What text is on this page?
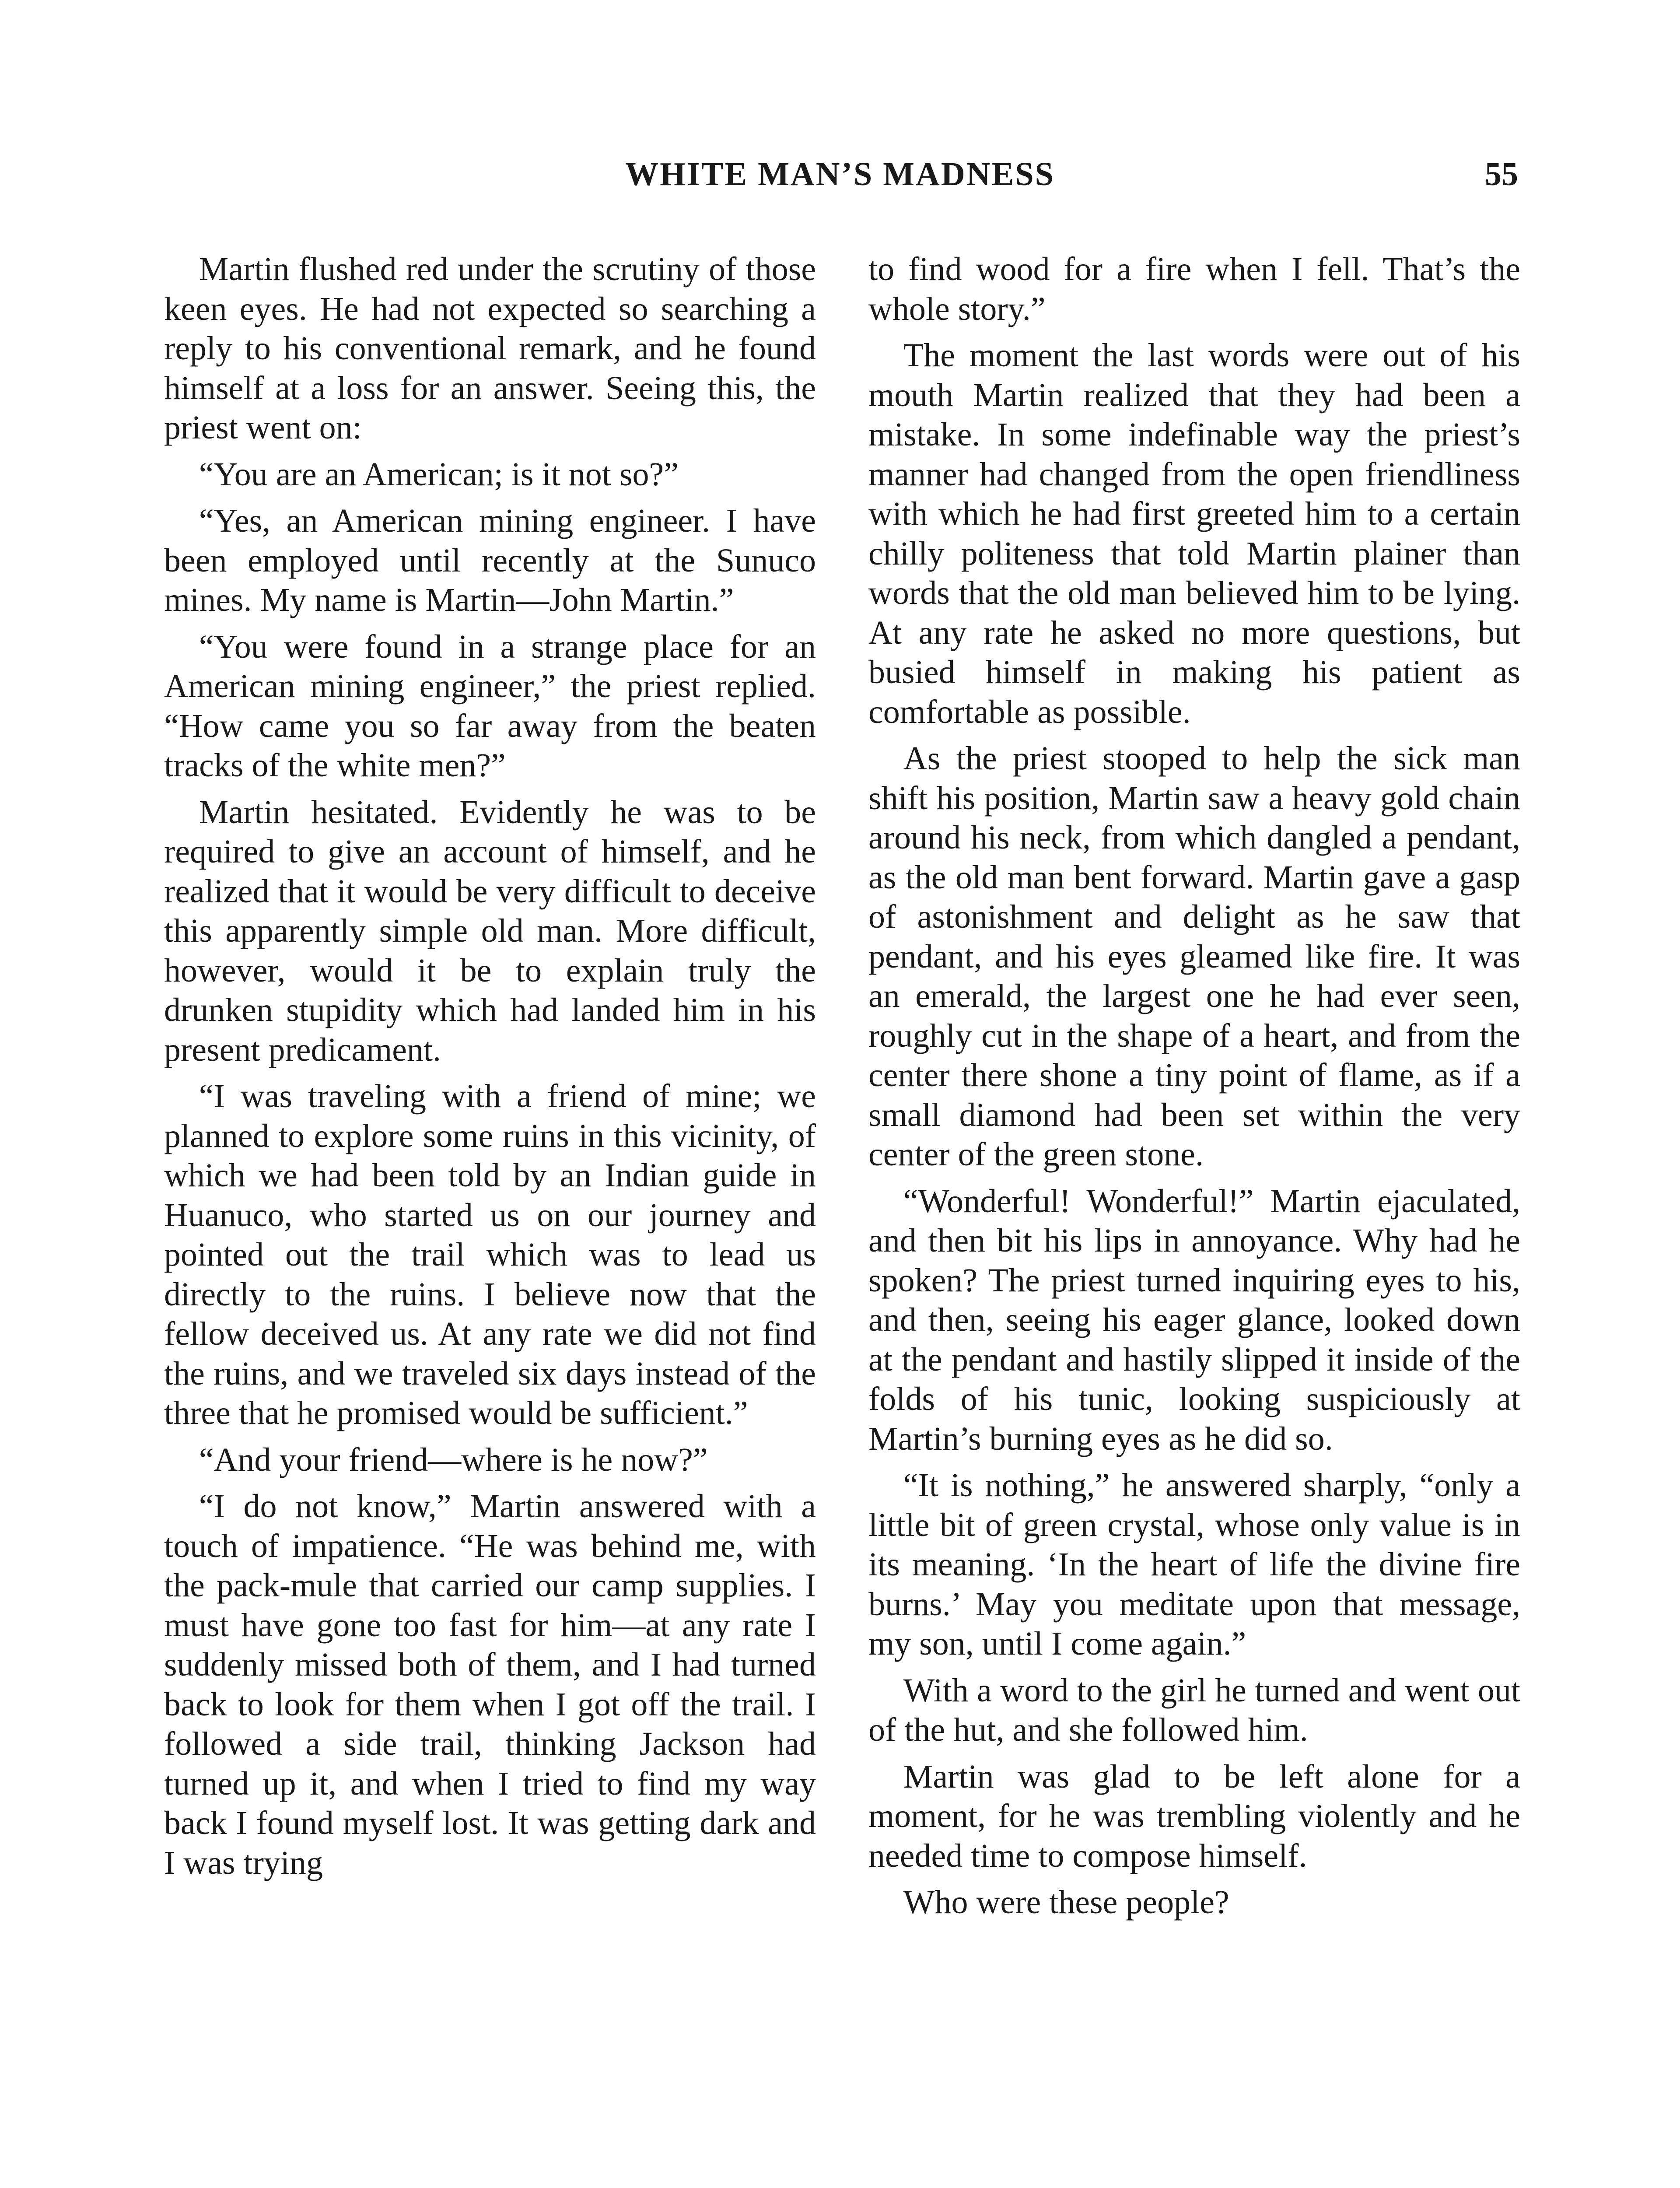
WHITE MAN’S MADNESS	55

Martin flushed red under the scrutiny of those keen eyes. He had not expected so searching a reply to his conventional remark, and he found himself at a loss for an answer. Seeing this, the priest went on:

“You are an American; is it not so?”

“Yes, an American mining engineer. I have been employed until recently at the Sunuco mines. My name is Martin—John Martin.”

“You were found in a strange place for an American mining engineer,” the priest replied. “How came you so far away from the beaten tracks of the white men?”

Martin hesitated. Evidently he was to be required to give an account of himself, and he realized that it would be very difficult to deceive this apparently simple old man. More difficult, however, would it be to explain truly the drunken stupidity which had landed him in his present predicament.

“I was traveling with a friend of mine; we planned to explore some ruins in this vicinity, of which we had been told by an Indian guide in Huanuco, who started us on our journey and pointed out the trail which was to lead us directly to the ruins. I believe now that the fellow deceived us. At any rate we did not find the ruins, and we traveled six days instead of the three that he promised would be sufficient.”

“And your friend—where is he now?”

“I do not know,” Martin answered with a touch of impatience. “He was behind me, with the pack-mule that carried our camp supplies. I must have gone too fast for him—at any rate I suddenly missed both of them, and I had turned back to look for them when I got off the trail. I followed a side trail, thinking Jackson had turned up it, and when I tried to find my way back I found myself lost. It was getting dark and I was trying

to find wood for a fire when I fell. That’s the whole story.”

The moment the last words were out of his mouth Martin realized that they had been a mistake. In some indefinable way the priest’s manner had changed from the open friendliness with which he had first greeted him to a certain chilly politeness that told Martin plainer than words that the old man believed him to be lying. At any rate he asked no more questions, but busied himself in making his patient as comfortable as possible.

As the priest stooped to help the sick man shift his position, Martin saw a heavy gold chain around his neck, from which dangled a pendant, as the old man bent forward. Martin gave a gasp of astonishment and delight as he saw that pendant, and his eyes gleamed like fire. It was an emerald, the largest one he had ever seen, roughly cut in the shape of a heart, and from the center there shone a tiny point of flame, as if a small diamond had been set within the very center of the green stone.

“Wonderful! Wonderful!” Martin ejaculated, and then bit his lips in annoyance. Why had he spoken? The priest turned inquiring eyes to his, and then, seeing his eager glance, looked down at the pendant and hastily slipped it inside of the folds of his tunic, looking suspiciously at Martin’s burning eyes as he did so.

“It is nothing,” he answered sharply, “only a little bit of green crystal, whose only value is in its meaning. ‘In the heart of life the divine fire burns.’ May you meditate upon that message, my son, until I come again.”

With a word to the girl he turned and went out of the hut, and she followed him.

Martin was glad to be left alone for a moment, for he was trembling violently and he needed time to compose himself.

Who were these people?
